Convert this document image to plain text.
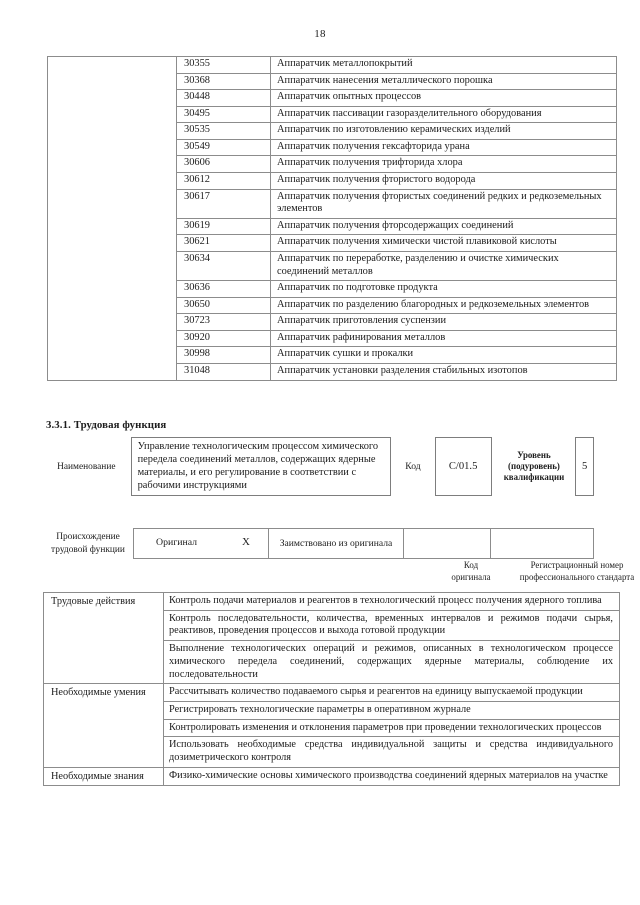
18
	30355	Аппаратчик металлопокрытий
	30368	Аппаратчик нанесения металлического порошка
	30448	Аппаратчик опытных процессов
	30495	Аппаратчик пассивации газоразделительного оборудования
	30535	Аппаратчик по изготовлению керамических изделий
	30549	Аппаратчик получения гексафторида урана
	30606	Аппаратчик получения трифторида хлора
	30612	Аппаратчик получения фтористого водорода
	30617	Аппаратчик получения фтористых соединений редких и редкоземельных элементов
	30619	Аппаратчик получения фторсодержащих соединений
	30621	Аппаратчик получения химически чистой плавиковой кислоты
	30634	Аппаратчик по переработке, разделению и очистке химических соединений металлов
	30636	Аппаратчик по подготовке продукта
	30650	Аппаратчик по разделению благородных и редкоземельных элементов
	30723	Аппаратчик приготовления суспензии
	30920	Аппаратчик рафинирования металлов
	30998	Аппаратчик сушки и прокалки
	31048	Аппаратчик установки разделения стабильных изотопов
3.3.1. Трудовая функция
Наименование
Управление технологическим процессом химического передела соединений металлов, содержащих ядерные материалы, и его регулирование в соответствии с рабочими инструкциями
Код	C/01.5
Уровень
(подуровень)
квалификации
5
Происхождение
трудовой функции
Оригинал	X	Заимствовано из оригинала		
Код
оригинала
Регистрационный номер
профессионального стандарта
Трудовые действия	Контроль подачи материалов и реагентов в технологический процесс получения ядерного топлива
	Контроль последовательности, количества, временных интервалов и режимов подачи сырья, реактивов, проведения процессов и выхода готовой продукции
	Выполнение технологических операций и режимов, описанных в технологическом процессе химического передела соединений, содержащих ядерные материалы, соблюдение их последовательности
Необходимые умения	Рассчитывать количество подаваемого сырья и реагентов на единицу выпускаемой продукции
	Регистрировать технологические параметры в оперативном журнале
	Контролировать изменения и отклонения параметров при проведении технологических процессов
	Использовать необходимые средства индивидуальной защиты и средства индивидуального дозиметрического контроля
Необходимые знания	Физико-химические основы химического производства соединений ядерных материалов на участке
